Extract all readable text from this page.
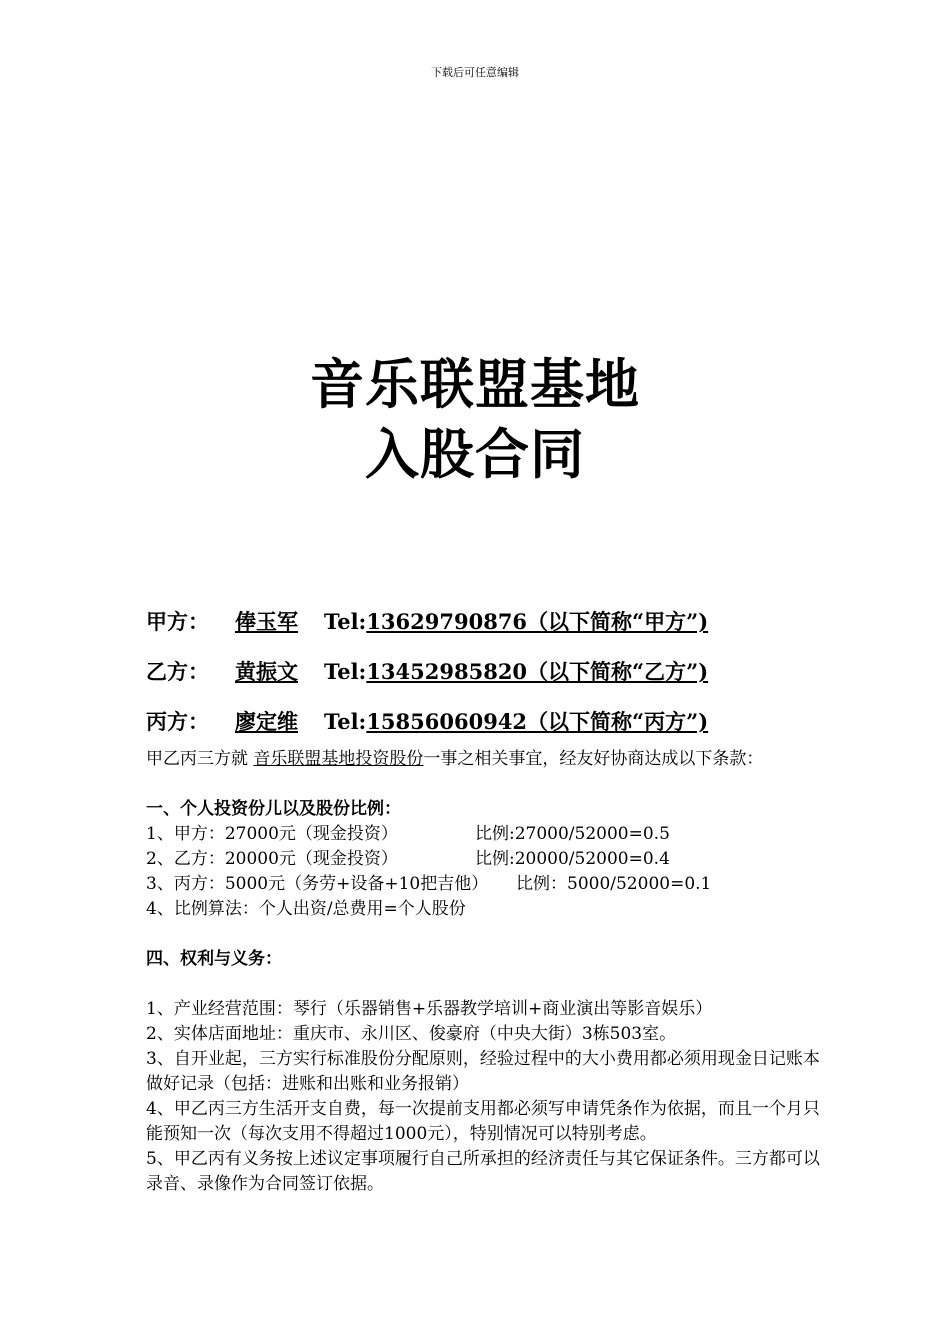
下载后可任意编辑
音乐联盟基地
入股合同
甲方： 俸玉军 Tel:13629790876（以下简称“甲方”)
乙方： 黄振文 Tel:13452985820（以下简称“乙方”)
丙方： 廖定维 Tel:15856060942（以下简称“丙方”)

甲乙丙三方就 音乐联盟基地投资股份一事之相关事宜，经友好协商达成以下条款：

一、个人投资份儿以及股份比例：

1、甲方：27000元（现金投资）	比例:27000/52000=0.5
2、乙方：20000元（现金投资）	比例:20000/52000=0.4
3、丙方：5000元（务劳+设备+10把吉他）	比例：5000/52000=0.1

4、比例算法：个人出资/总费用=个人股份

四、权利与义务：

1、产业经营范围：琴行（乐器销售+乐器教学培训+商业演出等影音娱乐）

2、实体店面地址：重庆市、永川区、俊豪府（中央大街）3栋503室。

3、自开业起，三方实行标准股份分配原则，经验过程中的大小费用都必须用现金日记账本做好记录（包括：进账和出账和业务报销）

4、甲乙丙三方生活开支自费，每一次提前支用都必须写申请凭条作为依据，而且一个月只能预知一次（每次支用不得超过1000元），特别情况可以特别考虑。

5、甲乙丙有义务按上述议定事项履行自己所承担的经济责任与其它保证条件。三方都可以录音、录像作为合同签订依据。
